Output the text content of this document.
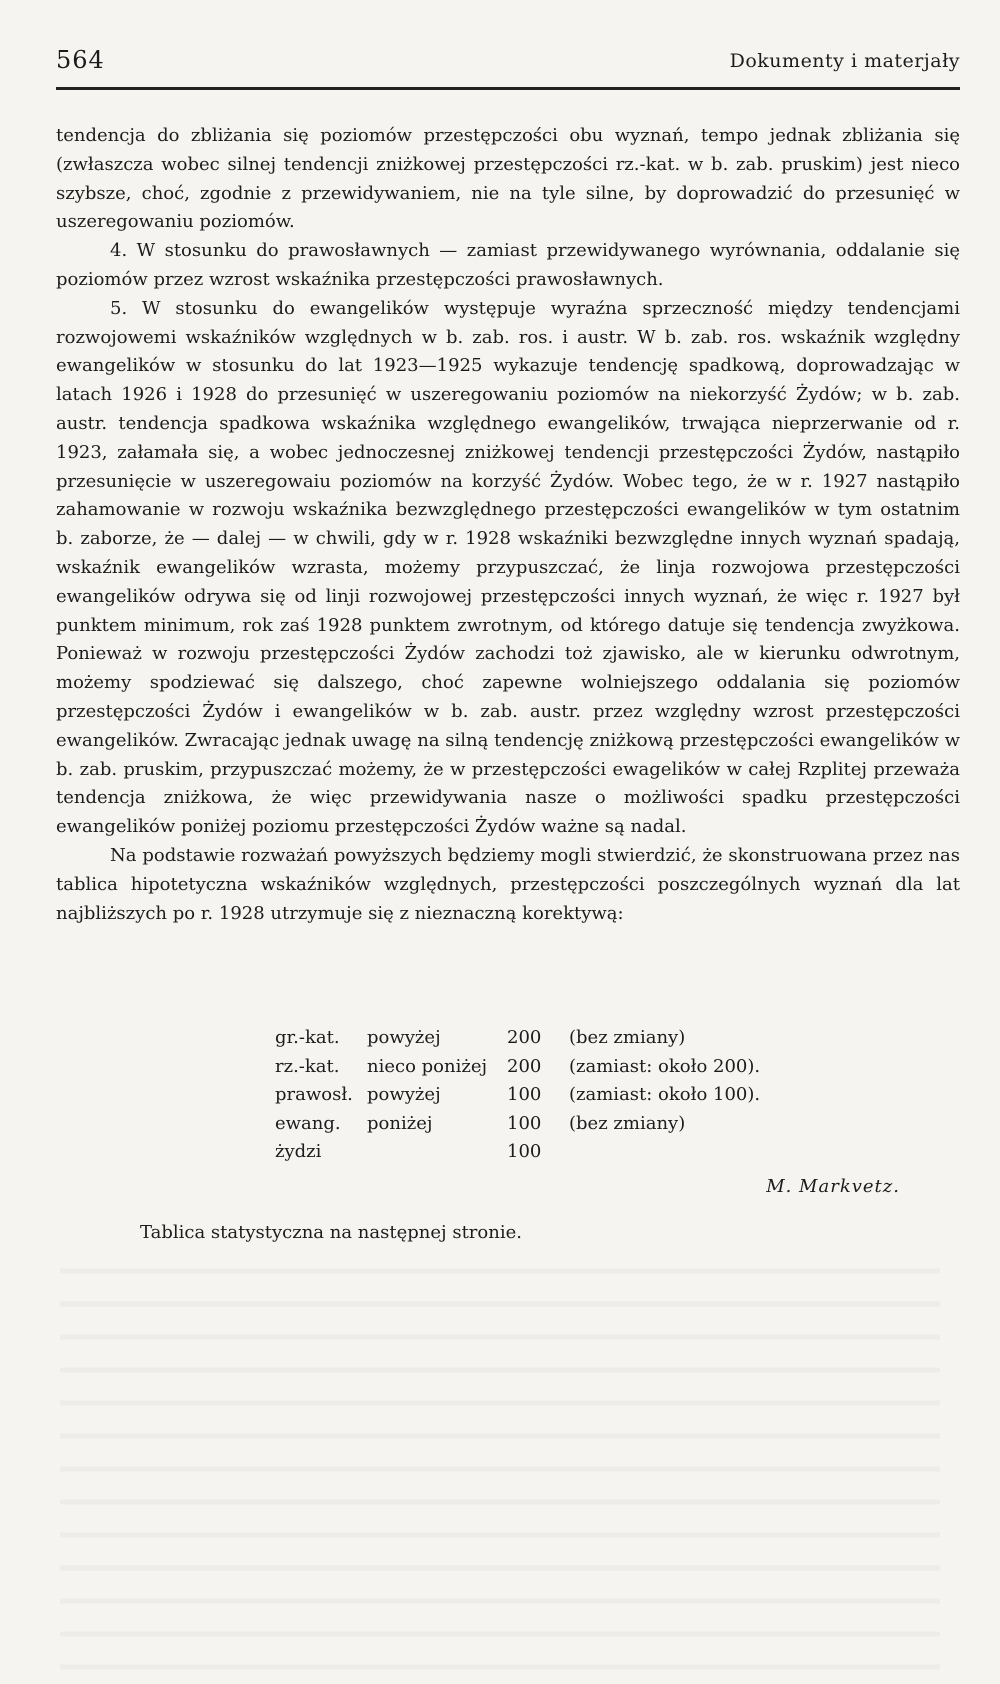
564	Dokumenty i materjały

tendencja do zbliżania się poziomów przestępczości obu wyznań, tempo jednak zbliżania się (zwłaszcza wobec silnej tendencji zniżkowej przestępczości rz.-kat. w b. zab. pruskim) jest nieco szybsze, choć, zgodnie z przewidywaniem, nie na tyle silne, by doprowadzić do przesunięć w uszeregowaniu poziomów.

4. W stosunku do prawosławnych — zamiast przewidywanego wyrównania, oddalanie się poziomów przez wzrost wskaźnika przestępczości prawosławnych.

5. W stosunku do ewangelików występuje wyraźna sprzeczność między tendencjami rozwojowemi wskaźników względnych w b. zab. ros. i austr. W b. zab. ros. wskaźnik względny ewangelików w stosunku do lat 1923—1925 wykazuje tendencję spadkową, doprowadzając w latach 1926 i 1928 do przesunięć w uszeregowaniu poziomów na niekorzyść Żydów; w b. zab. austr. tendencja spadkowa wskaźnika względnego ewangelików, trwająca nieprzerwanie od r. 1923, załamała się, a wobec jednoczesnej zniżkowej tendencji przestępczości Żydów, nastąpiło przesunięcie w uszeregowaiu poziomów na korzyść Żydów. Wobec tego, że w r. 1927 nastąpiło zahamowanie w rozwoju wskaźnika bezwzględnego przestępczości ewangelików w tym ostatnim b. zaborze, że — dalej — w chwili, gdy w r. 1928 wskaźniki bezwzględne innych wyznań spadają, wskaźnik ewangelików wzrasta, możemy przypuszczać, że linja rozwojowa przestępczości ewangelików odrywa się od linji rozwojowej przestępczości innych wyznań, że więc r. 1927 był punktem minimum, rok zaś 1928 punktem zwrotnym, od którego datuje się tendencja zwyżkowa. Ponieważ w rozwoju przestępczości Żydów zachodzi toż zjawisko, ale w kierunku odwrotnym, możemy spodziewać się dalszego, choć zapewne wolniejszego oddalania się poziomów przestępczości Żydów i ewangelików w b. zab. austr. przez względny wzrost przestępczości ewangelików. Zwracając jednak uwagę na silną tendencję zniżkową przestępczości ewangelików w b. zab. pruskim, przypuszczać możemy, że w przestępczości ewagelików w całej Rzplitej przeważa tendencja zniżkowa, że więc przewidywania nasze o możliwości spadku przestępczości ewangelików poniżej poziomu przestępczości Żydów ważne są nadal.

Na podstawie rozważań powyższych będziemy mogli stwierdzić, że skonstruowana przez nas tablica hipotetyczna wskaźników względnych, przestępczości poszczególnych wyznań dla lat najbliższych po r. 1928 utrzymuje się z nieznaczną korektywą:

gr.-kat.	powyżej	200	(bez zmiany)
rz.-kat.	nieco poniżej	200	(zamiast: około 200).
prawosł.	powyżej	100	(zamiast: około 100).
ewang.	poniżej	100	(bez zmiany)
żydzi		100	
M. Markvetz.
Tablica statystyczna na następnej stronie.
